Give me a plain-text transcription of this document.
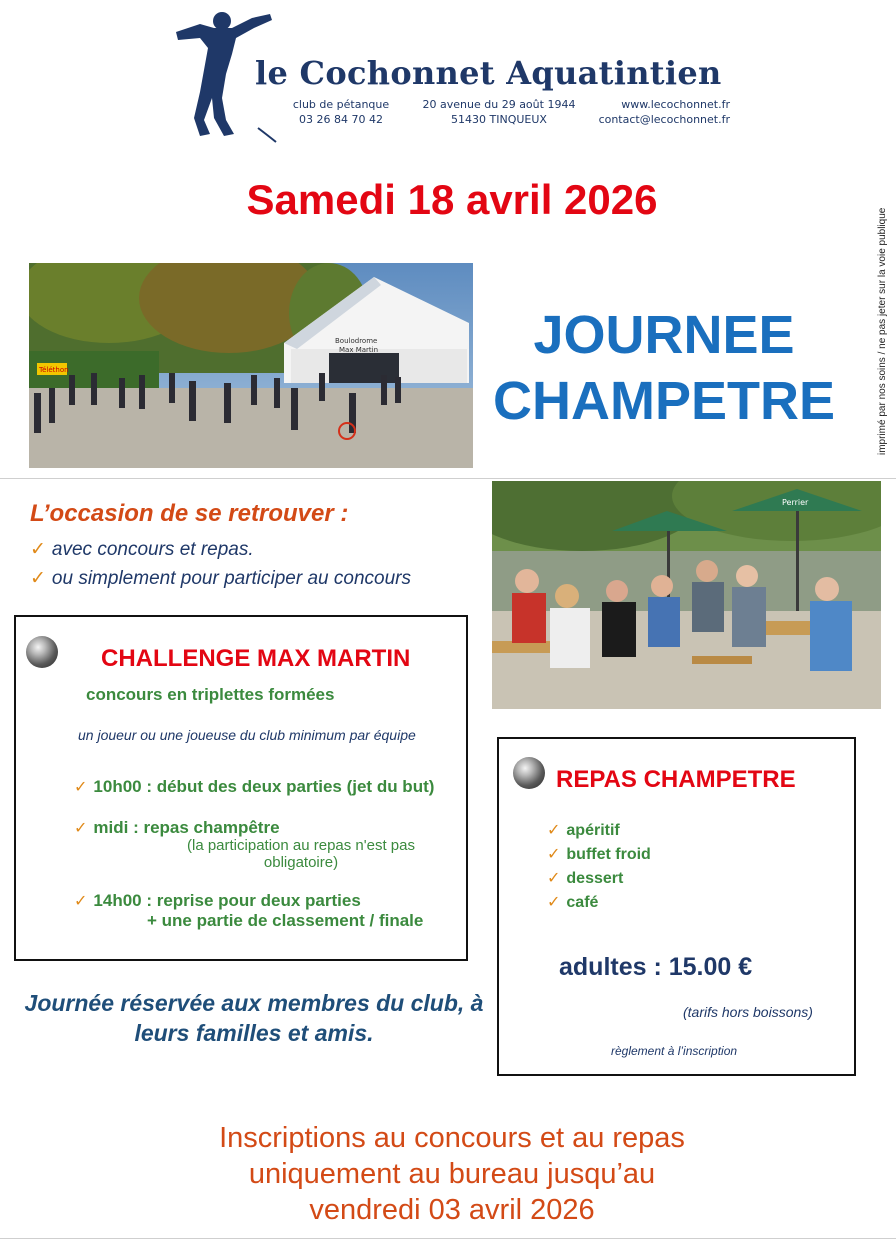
le Cochonnet Aquatintien
club de pétanque
03 26 84 70 42
20 avenue du 29 août 1944
51430 TINQUEUX
www.lecochonnet.fr
contact@lecochonnet.fr
Samedi 18 avril 2026
imprimé par nos soins / ne pas jeter sur la voie publique
Boulodrome
Max Martin
Téléthon
JOURNEE
CHAMPETRE
L’occasion de se retrouver :
✓ avec concours et repas.
✓ ou simplement pour participer au concours
Perrier
CHALLENGE MAX MARTIN
concours en triplettes formées
un joueur ou une joueuse du club minimum par équipe
✓ 10h00 : début des deux parties (jet du but)
✓ midi : repas champêtre
(la participation au repas n'est pas obligatoire)
✓ 14h00 : reprise pour deux parties
+ une partie de classement / finale
Journée réservée aux membres du club, à leurs familles et amis.
REPAS CHAMPETRE
✓ apéritif
✓ buffet froid
✓ dessert
✓ café
adultes : 15.00 €
(tarifs hors boissons)
règlement à l’inscription
Inscriptions au concours et au repas
uniquement au bureau jusqu’au
vendredi 03 avril 2026
